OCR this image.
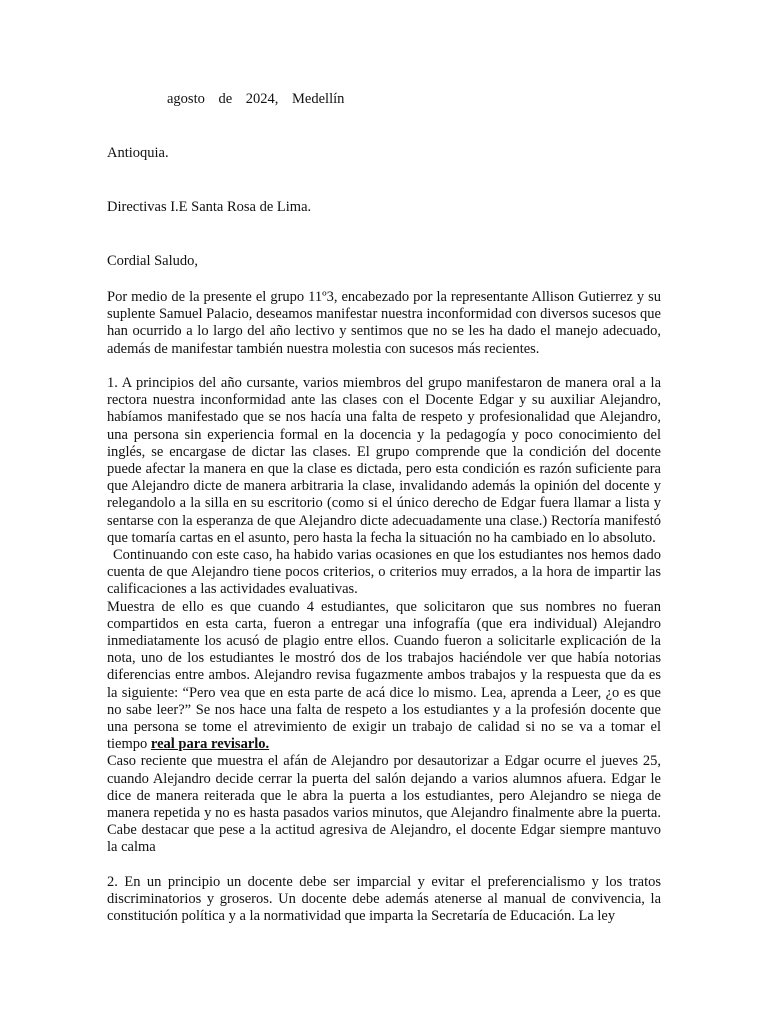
agosto de 2024, Medellín
Antioquia.
Directivas I.E Santa Rosa de Lima.
Cordial Saludo,

Por medio de la presente el grupo 11º3, encabezado por la representante Allison Gutierrez y su suplente Samuel Palacio, deseamos manifestar nuestra inconformidad con diversos sucesos que han ocurrido a lo largo del año lectivo y sentimos que no se les ha dado el manejo adecuado, además de manifestar también nuestra molestia con sucesos más recientes.

1. A principios del año cursante, varios miembros del grupo manifestaron de manera oral a la rectora nuestra inconformidad ante las clases con el Docente Edgar y su auxiliar Alejandro, habíamos manifestado que se nos hacía una falta de respeto y profesionalidad que Alejandro, una persona sin experiencia formal en la docencia y la pedagogía y poco conocimiento del inglés, se encargase de dictar las clases. El grupo comprende que la condición del docente puede afectar la manera en que la clase es dictada, pero esta condición es razón suficiente para que Alejandro dicte de manera arbitraria la clase, invalidando además la opinión del docente y relegandolo a la silla en su escritorio (como si el único derecho de Edgar fuera llamar a lista y sentarse con la esperanza de que Alejandro dicte adecuadamente una clase.) Rectoría manifestó que tomaría cartas en el asunto, pero hasta la fecha la situación no ha cambiado en lo absoluto.

Continuando con este caso, ha habido varias ocasiones en que los estudiantes nos hemos dado cuenta de que Alejandro tiene pocos criterios, o criterios muy errados, a la hora de impartir las calificaciones a las actividades evaluativas.

Muestra de ello es que cuando 4 estudiantes, que solicitaron que sus nombres no fueran compartidos en esta carta, fueron a entregar una infografía (que era individual) Alejandro inmediatamente los acusó de plagio entre ellos. Cuando fueron a solicitarle explicación de la nota, uno de los estudiantes le mostró dos de los trabajos haciéndole ver que había notorias diferencias entre ambos. Alejandro revisa fugazmente ambos trabajos y la respuesta que da es la siguiente: “Pero vea que en esta parte de acá dice lo mismo. Lea, aprenda a Leer, ¿o es que no sabe leer?” Se nos hace una falta de respeto a los estudiantes y a la profesión docente que una persona se tome el atrevimiento de exigir un trabajo de calidad si no se va a tomar el tiempo real para revisarlo.

Caso reciente que muestra el afán de Alejandro por desautorizar a Edgar ocurre el jueves 25, cuando Alejandro decide cerrar la puerta del salón dejando a varios alumnos afuera. Edgar le dice de manera reiterada que le abra la puerta a los estudiantes, pero Alejandro se niega de manera repetida y no es hasta pasados varios minutos, que Alejandro finalmente abre la puerta. Cabe destacar que pese a la actitud agresiva de Alejandro, el docente Edgar siempre mantuvo la calma

2. En un principio un docente debe ser imparcial y evitar el preferencialismo y los tratos discriminatorios y groseros. Un docente debe además atenerse al manual de convivencia, la constitución política y a la normatividad que imparta la Secretaría de Educación. La ley
